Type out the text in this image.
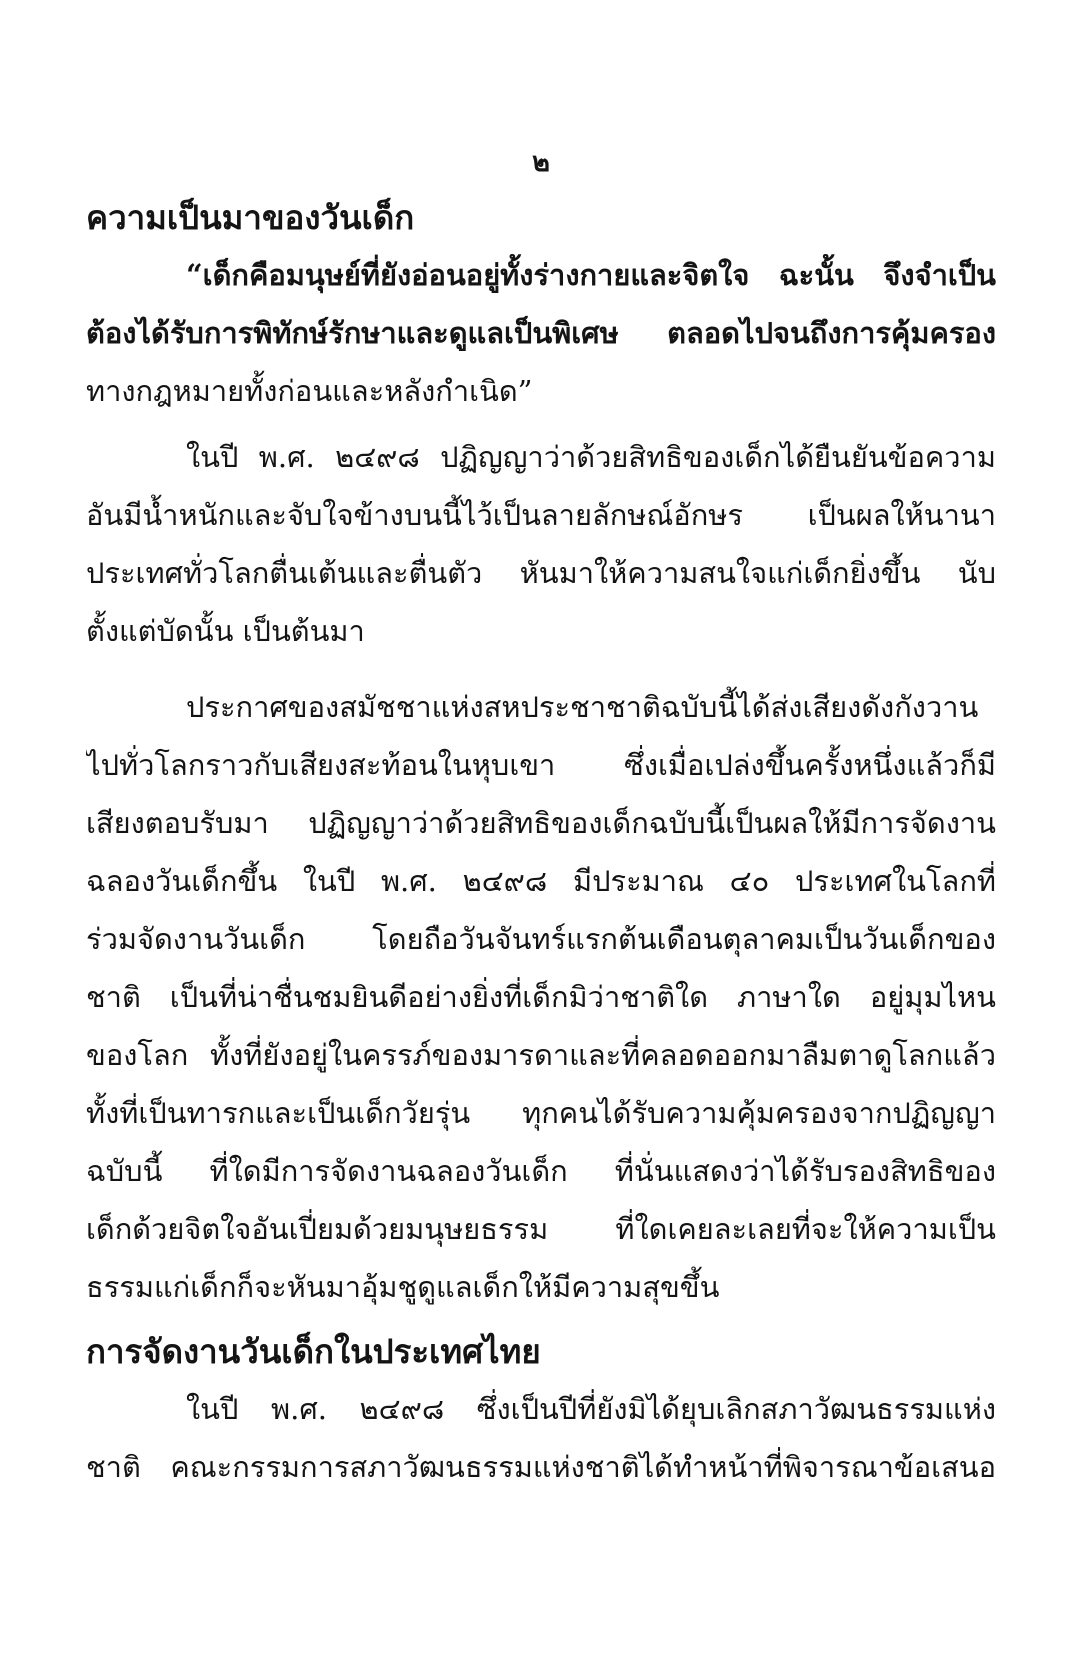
๒
ความเป็นมาของวันเด็ก
“เด็กคือมนุษย์ที่ยังอ่อนอยู่ทั้งร่างกายและจิตใจ ฉะนั้น จึงจำเป็น
ต้องได้รับการพิทักษ์รักษาและดูแลเป็นพิเศษ ตลอดไปจนถึงการคุ้มครอง
ทางกฎหมายทั้งก่อนและหลังกำเนิด”
ในปี พ.ศ. ๒๔๙๘ ปฏิญญาว่าด้วยสิทธิของเด็กได้ยืนยันข้อความ
อันมีน้ำหนักและจับใจข้างบนนี้ไว้เป็นลายลักษณ์อักษร เป็นผลให้นานา
ประเทศทั่วโลกตื่นเต้นและตื่นตัว หันมาให้ความสนใจแก่เด็กยิ่งขึ้น นับ
ตั้งแต่บัดนั้น เป็นต้นมา
ประกาศของสมัชชาแห่งสหประชาชาติฉบับนี้ได้ส่งเสียงดังกังวาน
ไปทั่วโลกราวกับเสียงสะท้อนในหุบเขา ซึ่งเมื่อเปล่งขึ้นครั้งหนึ่งแล้วก็มี
เสียงตอบรับมา ปฏิญญาว่าด้วยสิทธิของเด็กฉบับนี้เป็นผลให้มีการจัดงาน
ฉลองวันเด็กขึ้น ในปี พ.ศ. ๒๔๙๘ มีประมาณ ๔๐ ประเทศในโลกที่
ร่วมจัดงานวันเด็ก โดยถือวันจันทร์แรกต้นเดือนตุลาคมเป็นวันเด็กของ
ชาติ เป็นที่น่าชื่นชมยินดีอย่างยิ่งที่เด็กมิว่าชาติใด ภาษาใด อยู่มุมไหน
ของโลก ทั้งที่ยังอยู่ในครรภ์ของมารดาและที่คลอดออกมาลืมตาดูโลกแล้ว
ทั้งที่เป็นทารกและเป็นเด็กวัยรุ่น ทุกคนได้รับความคุ้มครองจากปฏิญญา
ฉบับนี้ ที่ใดมีการจัดงานฉลองวันเด็ก ที่นั่นแสดงว่าได้รับรองสิทธิของ
เด็กด้วยจิตใจอันเปี่ยมด้วยมนุษยธรรม ที่ใดเคยละเลยที่จะให้ความเป็น
ธรรมแก่เด็กก็จะหันมาอุ้มชูดูแลเด็กให้มีความสุขขึ้น
การจัดงานวันเด็กในประเทศไทย
ในปี พ.ศ. ๒๔๙๘ ซึ่งเป็นปีที่ยังมิได้ยุบเลิกสภาวัฒนธรรมแห่ง
ชาติ คณะกรรมการสภาวัฒนธรรมแห่งชาติได้ทำหน้าที่พิจารณาข้อเสนอ
